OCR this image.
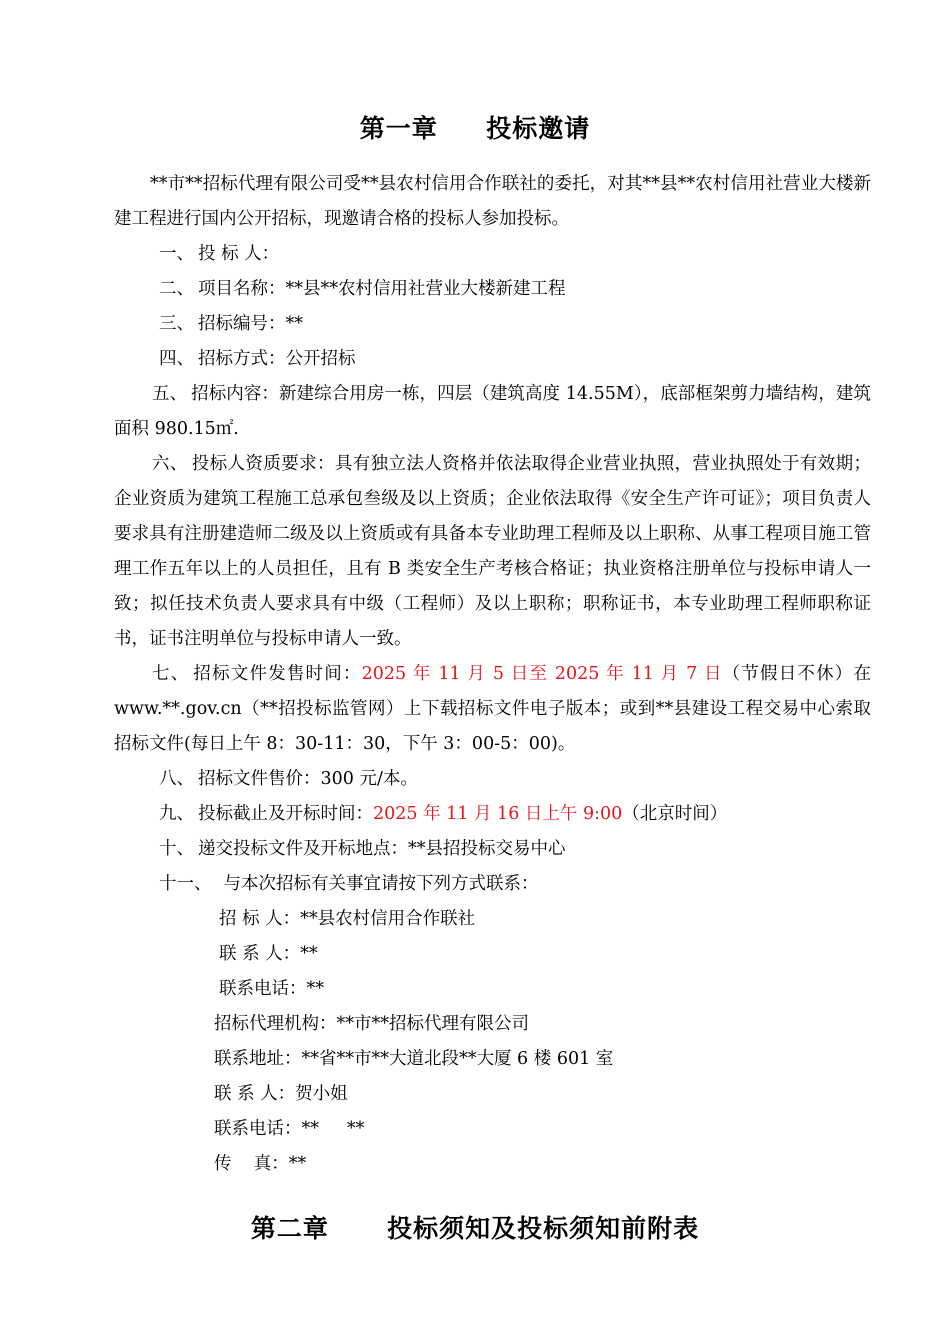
第一章     投标邀请
**市**招标代理有限公司受**县农村信用合作联社的委托，对其**县**农村信用社营业大楼新建工程进行国内公开招标，现邀请合格的投标人参加投标。
一、 投 标 人：
二、 项目名称：**县**农村信用社营业大楼新建工程
三、 招标编号：**
四、 招标方式：公开招标
五、 招标内容：新建综合用房一栋，四层（建筑高度 14.55M），底部框架剪力墙结构，建筑面积 980.15㎡.
六、 投标人资质要求：具有独立法人资格并依法取得企业营业执照，营业执照处于有效期；企业资质为建筑工程施工总承包叁级及以上资质；企业依法取得《安全生产许可证》；项目负责人要求具有注册建造师二级及以上资质或有具备本专业助理工程师及以上职称、从事工程项目施工管理工作五年以上的人员担任，且有 B 类安全生产考核合格证；执业资格注册单位与投标申请人一致；拟任技术负责人要求具有中级（工程师）及以上职称；职称证书，本专业助理工程师职称证书，证书注明单位与投标申请人一致。
七、 招标文件发售时间：2025 年 11 月 5 日至 2025 年 11 月 7 日（节假日不休）在 www.**.gov.cn（**招投标监管网）上下载招标文件电子版本；或到**县建设工程交易中心索取招标文件(每日上午 8：30-11：30，下午 3：00-5：00)。
八、 招标文件售价：300 元/本。
九、 投标截止及开标时间：2025 年 11 月 16 日上午 9:00（北京时间）
十、 递交投标文件及开标地点：**县招投标交易中心
十一、 与本次招标有关事宜请按下列方式联系：
招 标 人：**县农村信用合作联社
联 系 人：**
联系电话：**
招标代理机构：**市**招标代理有限公司
联系地址：**省**市**大道北段**大厦 6 楼 601 室
联 系 人：贺小姐
联系电话：**     **
传    真：**
第二章      投标须知及投标须知前附表
